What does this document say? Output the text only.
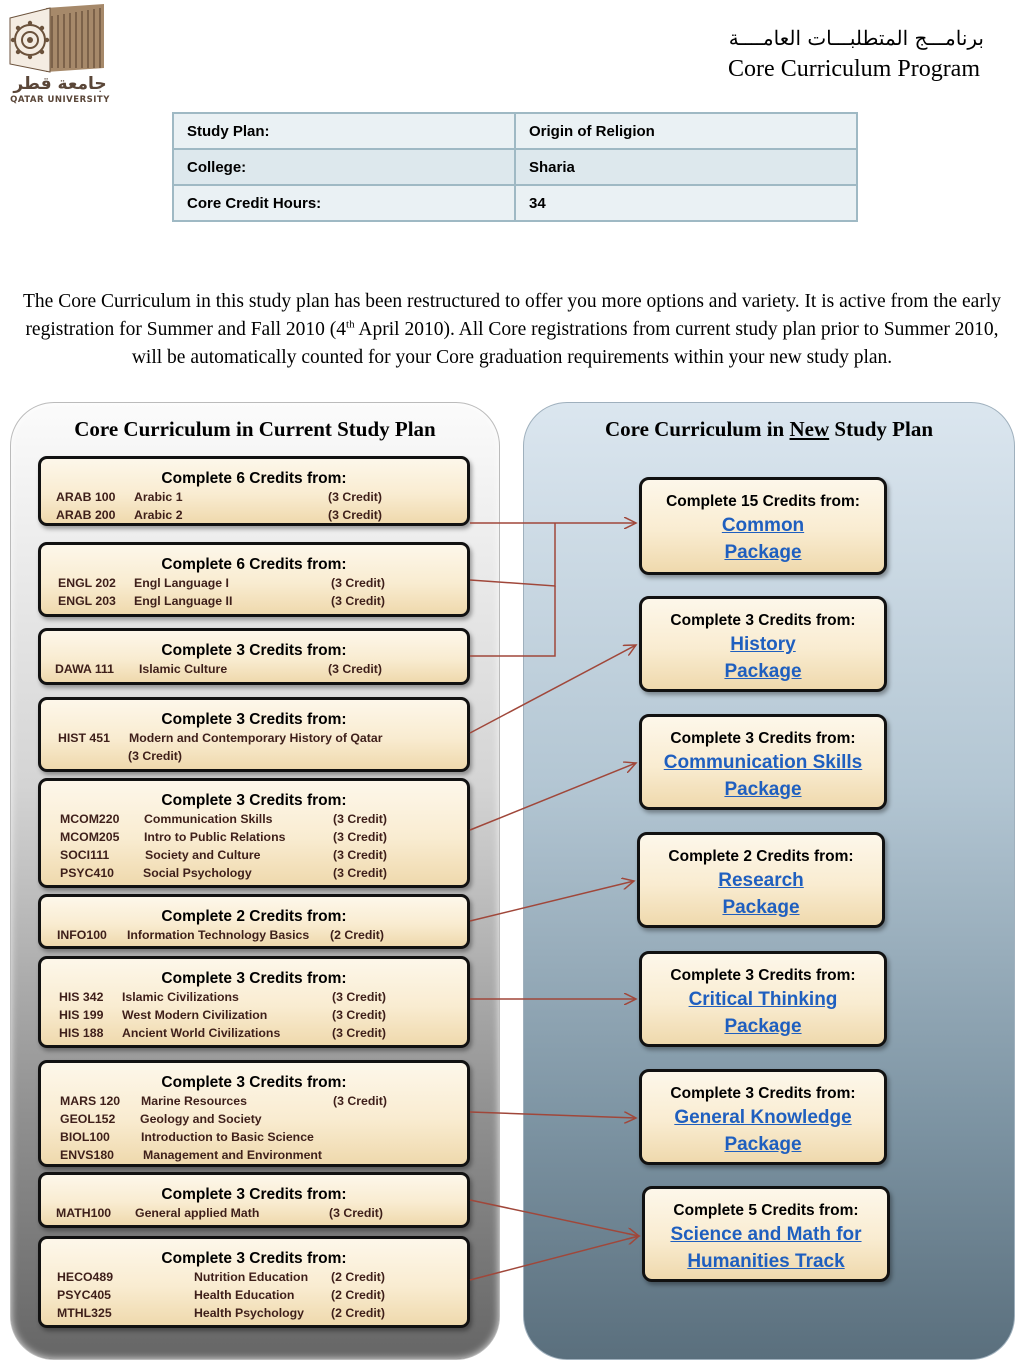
جامعة قطر
QATAR UNIVERSITY
برنامـــج المتطلبـــات العامــــة
Core Curriculum Program
Study Plan:	Origin of Religion
College:	Sharia
Core Credit Hours:	34
The Core Curriculum in this study plan has been restructured to offer you more options and variety. It is active from the early registration for Summer and Fall 2010 (4th April 2010). All Core registrations from current study plan prior to Summer 2010, will be automatically counted for your Core graduation requirements within your new study plan.
Core Curriculum in Current Study Plan	Core Curriculum in New Study Plan
Complete 6 Credits from:
ARAB 100 Arabic 1	(3 Credit)
ARAB 200 Arabic 2	(3 Credit)
Complete 6 Credits from:
ENGL 202 Engl Language I	(3 Credit)
ENGL 203 Engl Language II	(3 Credit)
Complete 3 Credits from:
DAWA 111 Islamic Culture	(3 Credit)
Complete 3 Credits from:
HIST 451 Modern and Contemporary History of Qatar
(3 Credit)
Complete 3 Credits from:
MCOM220 Communication Skills	(3 Credit)
MCOM205 Intro to Public Relations	(3 Credit)
SOCI111	Society and Culture	(3 Credit)
PSYC410 Social Psychology	(3 Credit)
Complete 2 Credits from:
INFO100 Information Technology Basics (2 Credit)
Complete 3 Credits from:
HIS 342 Islamic Civilizations	(3 Credit)
HIS 199 West Modern Civilization	(3 Credit)
HIS 188 Ancient World Civilizations	(3 Credit)
Complete 3 Credits from:
MARS 120 Marine Resources	(3 Credit)
GEOL152 Geology and Society
BIOL100	Introduction to Basic Science
ENVS180 Management and Environment
Complete 3 Credits from:
MATH100 General applied Math	(3 Credit)
Complete 3 Credits from:
HECO489	Nutrition Education (2 Credit)
PSYC405	Health Education	(2 Credit)
MTHL325	Health Psychology (2 Credit)
Complete 15 Credits from:
Common
Package
Complete 3 Credits from:
History
Package
Complete 3 Credits from:
Communication Skills
Package
Complete 2 Credits from:
Research
Package
Complete 3 Credits from:
Critical Thinking
Package
Complete 3 Credits from:
General Knowledge
Package
Complete 5 Credits from:
Science and Math for
Humanities Track
